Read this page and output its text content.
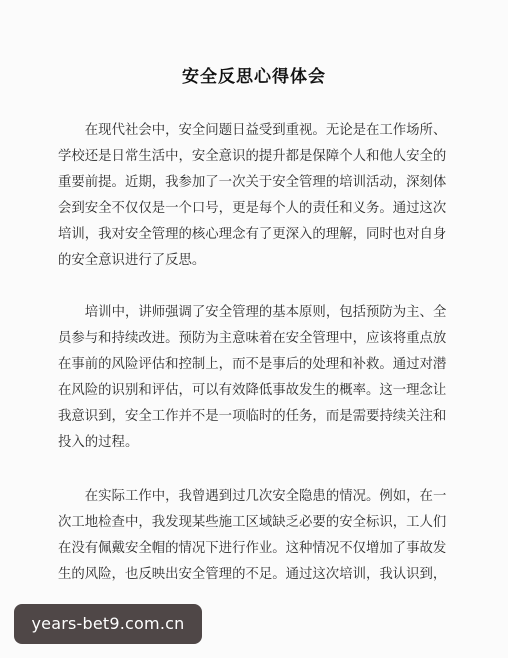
安全反思心得体会
在现代社会中，安全问题日益受到重视。无论是在工作场所、
学校还是日常生活中，安全意识的提升都是保障个人和他人安全的
重要前提。近期，我参加了一次关于安全管理的培训活动，深刻体
会到安全不仅仅是一个口号，更是每个人的责任和义务。通过这次
培训，我对安全管理的核心理念有了更深入的理解，同时也对自身
的安全意识进行了反思。
培训中，讲师强调了安全管理的基本原则，包括预防为主、全
员参与和持续改进。预防为主意味着在安全管理中，应该将重点放
在事前的风险评估和控制上，而不是事后的处理和补救。通过对潜
在风险的识别和评估，可以有效降低事故发生的概率。这一理念让
我意识到，安全工作并不是一项临时的任务，而是需要持续关注和
投入的过程。
在实际工作中，我曾遇到过几次安全隐患的情况。例如，在一
次工地检查中，我发现某些施工区域缺乏必要的安全标识，工人们
在没有佩戴安全帽的情况下进行作业。这种情况不仅增加了事故发
生的风险，也反映出安全管理的不足。通过这次培训，我认识到，
years-bet9.com.cn
